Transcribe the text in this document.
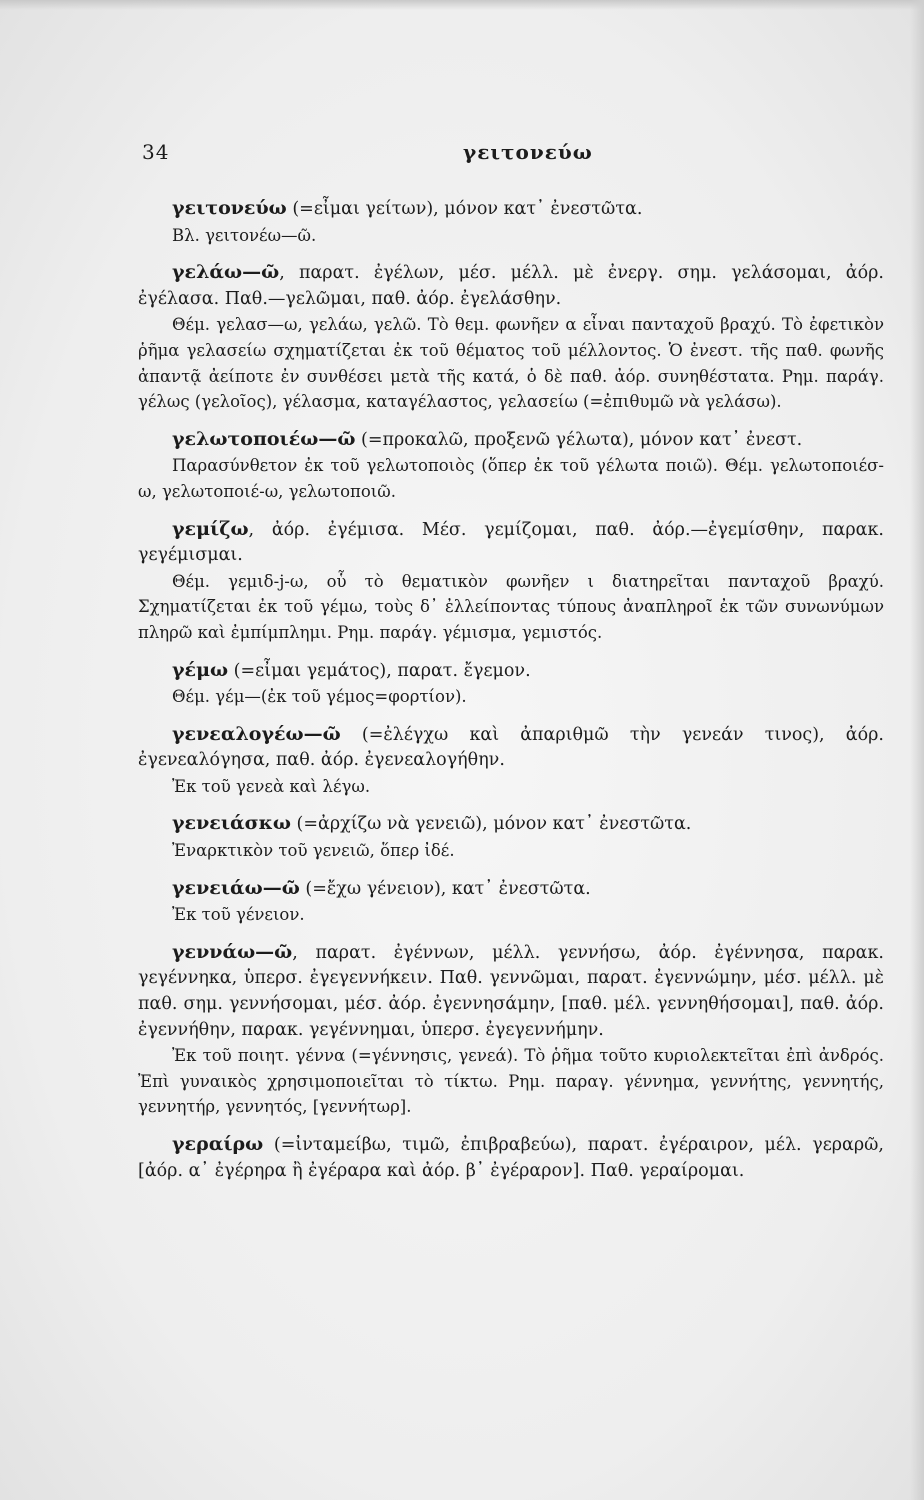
34	γειτονεύω

γειτονεύω (=εἶμαι γείτων), μόνον κατ᾽ ἐνεστῶτα.

Βλ. γειτονέω—ῶ.

γελάω—ῶ, παρατ. ἐγέλων, μέσ. μέλλ. μὲ ἐνεργ. σημ. γελάσομαι, ἀόρ. ἐγέλασα. Παθ.—γελῶμαι, παθ. ἀόρ. ἐγελάσθην.

Θέμ. γελασ—ω, γελάω, γελῶ. Τὸ θεμ. φωνῆεν α εἶναι πανταχοῦ βραχύ. Τὸ ἐφετικὸν ῥῆμα γελασείω σχηματίζεται ἐκ τοῦ θέματος τοῦ μέλλοντος. Ὁ ἐνεστ. τῆς παθ. φωνῆς ἀπαντᾷ ἀείποτε ἐν συνθέσει μετὰ τῆς κατά, ὁ δὲ παθ. ἀόρ. συνηθέστατα. Ρημ. παράγ. γέλως (γελοῖος), γέλασμα, καταγέλαστος, γελασείω (=ἐπιθυμῶ νὰ γελάσω).

γελωτοποιέω—ῶ (=προκαλῶ, προξενῶ γέλωτα), μόνον κατ᾽ ἐνεστ.

Παρασύνθετον ἐκ τοῦ γελωτοποιὸς (ὅπερ ἐκ τοῦ γέλωτα ποιῶ). Θέμ. γελωτοποιέσ-ω, γελωτοποιέ-ω, γελωτοποιῶ.

γεμίζω, ἀόρ. ἐγέμισα. Μέσ. γεμίζομαι, παθ. ἀόρ.—ἐγεμίσθην, παρακ. γεγέμισμαι.

Θέμ. γεμιδ-j-ω, οὗ τὸ θεματικὸν φωνῆεν ι διατηρεῖται πανταχοῦ βραχύ. Σχηματίζεται ἐκ τοῦ γέμω, τοὺς δ᾽ ἐλλείποντας τύπους ἀναπληροῖ ἐκ τῶν συνωνύμων πληρῶ καὶ ἐμπίμπλημι. Ρημ. παράγ. γέμισμα, γεμιστός.

γέμω (=εἶμαι γεμάτος), παρατ. ἔγεμον.

Θέμ. γέμ—(ἐκ τοῦ γέμος=φορτίον).

γενεαλογέω—ῶ (=ἐλέγχω καὶ ἀπαριθμῶ τὴν γενεάν τινος), ἀόρ. ἐγενεαλόγησα, παθ. ἀόρ. ἐγενεαλογήθην.

Ἐκ τοῦ γενεὰ καὶ λέγω.

γενειάσκω (=ἀρχίζω νὰ γενειῶ), μόνον κατ᾽ ἐνεστῶτα.

Ἐναρκτικὸν τοῦ γενειῶ, ὅπερ ἰδέ.

γενειάω—ῶ (=ἔχω γένειον), κατ᾽ ἐνεστῶτα.

Ἐκ τοῦ γένειον.

γεννάω—ῶ, παρατ. ἐγέννων, μέλλ. γεννήσω, ἀόρ. ἐγέννησα, παρακ. γεγέννηκα, ὑπερσ. ἐγεγεννήκειν. Παθ. γεννῶμαι, παρατ. ἐγεννώμην, μέσ. μέλλ. μὲ παθ. σημ. γεννήσομαι, μέσ. ἀόρ. ἐγεννησάμην, [παθ. μέλ. γεννηθήσομαι], παθ. ἀόρ. ἐγεννήθην, παρακ. γεγέννημαι, ὑπερσ. ἐγεγεννήμην.

Ἐκ τοῦ ποιητ. γέννα (=γέννησις, γενεά). Τὸ ῥῆμα τοῦτο κυριολεκτεῖται ἐπὶ ἀνδρός. Ἐπὶ γυναικὸς χρησιμοποιεῖται τὸ τίκτω. Ρημ. παραγ. γέννημα, γεννήτης, γεννητής, γεννητήρ, γεννητός, [γεννήτωρ].

γεραίρω (=ἰνταμείβω, τιμῶ, ἐπιβραβεύω), παρατ. ἐγέραιρον, μέλ. γεραρῶ, [ἀόρ. α᾽ ἐγέρηρα ἢ ἐγέραρα καὶ ἀόρ. β᾽ ἐγέραρον]. Παθ. γεραίρομαι.
